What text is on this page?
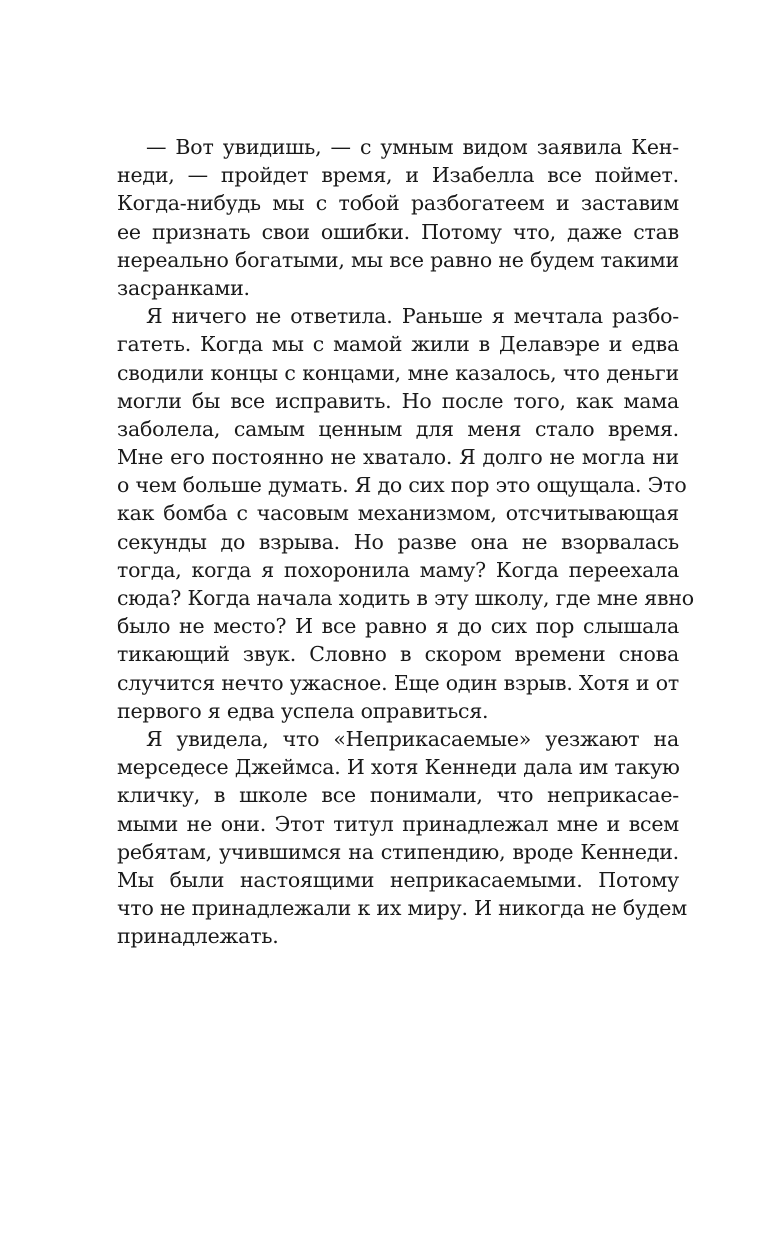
— Вот увидишь, — с умным видом заявила Кен-
неди, — пройдет время, и Изабелла все поймет.
Когда-нибудь мы с тобой разбогатеем и заставим
ее признать свои ошибки. Потому что, даже став
нереально богатыми, мы все равно не будем такими
засранками.
Я ничего не ответила. Раньше я мечтала разбо-
гатеть. Когда мы с мамой жили в Делавэре и едва
сводили концы с концами, мне казалось, что деньги
могли бы все исправить. Но после того, как мама
заболела, самым ценным для меня стало время.
Мне его постоянно не хватало. Я долго не могла ни
о чем больше думать. Я до сих пор это ощущала. Это
как бомба с часовым механизмом, отсчитывающая
секунды до взрыва. Но разве она не взорвалась
тогда, когда я похоронила маму? Когда переехала
сюда? Когда начала ходить в эту школу, где мне явно
было не место? И все равно я до сих пор слышала
тикающий звук. Словно в скором времени снова
случится нечто ужасное. Еще один взрыв. Хотя и от
первого я едва успела оправиться.
Я увидела, что «Неприкасаемые» уезжают на
мерседесе Джеймса. И хотя Кеннеди дала им такую
кличку, в школе все понимали, что неприкасае-
мыми не они. Этот титул принадлежал мне и всем
ребятам, учившимся на стипендию, вроде Кеннеди.
Мы были настоящими неприкасаемыми. Потому
что не принадлежали к их миру. И никогда не будем
принадлежать.
